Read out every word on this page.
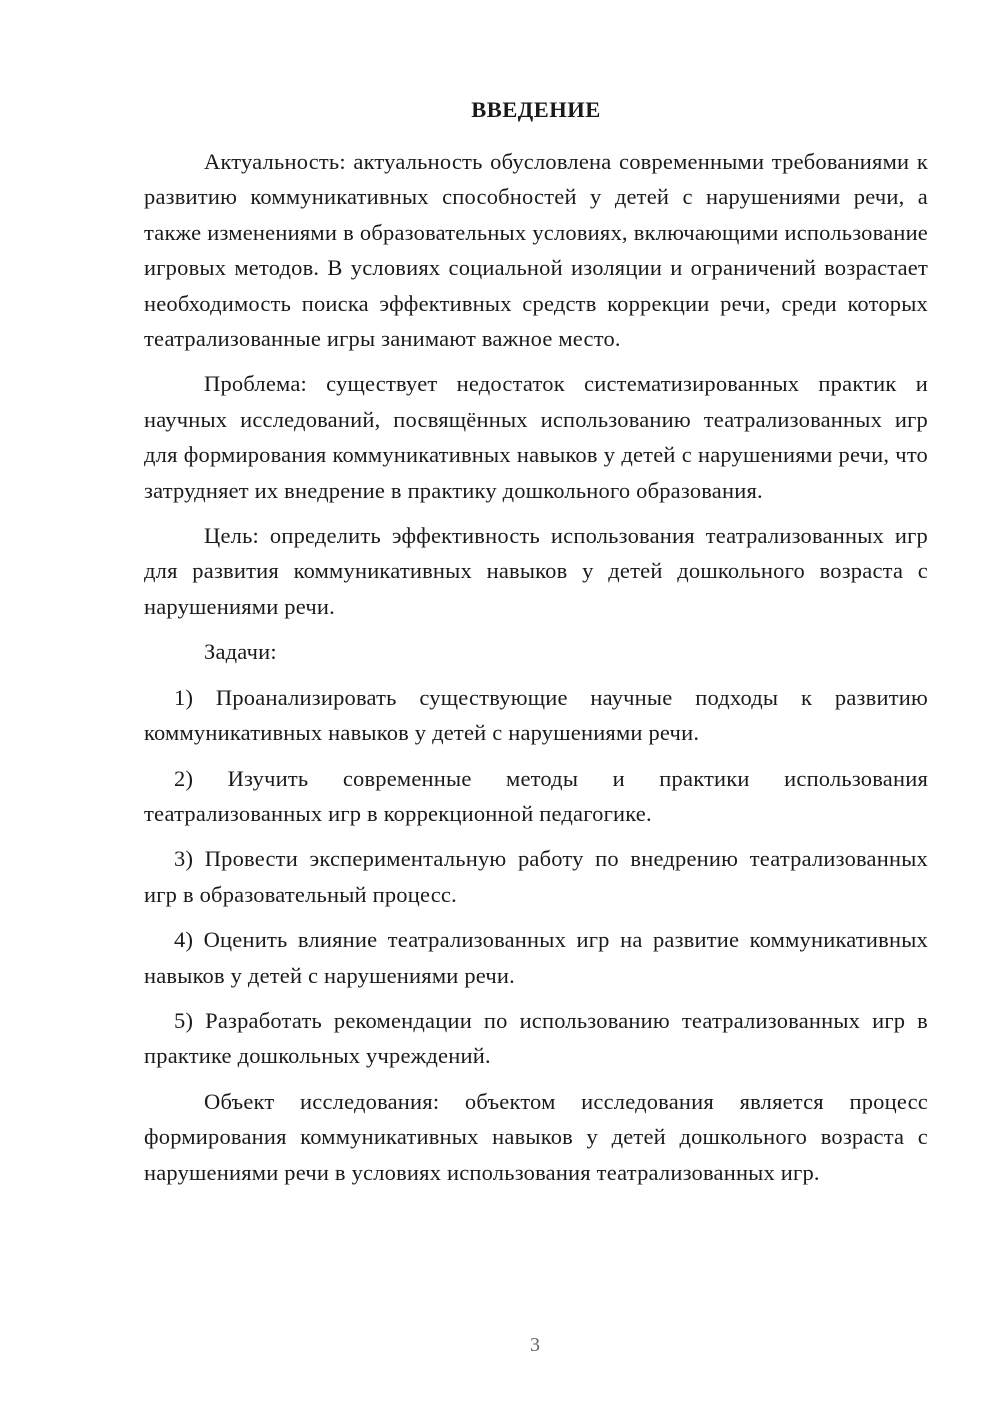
ВВЕДЕНИЕ

Актуальность: актуальность обусловлена современными требованиями к развитию коммуникативных способностей у детей с нарушениями речи, а также изменениями в образовательных условиях, включающими использование игровых методов. В условиях социальной изоляции и ограничений возрастает необходимость поиска эффективных средств коррекции речи, среди которых театрализованные игры занимают важное место.

Проблема: существует недостаток систематизированных практик и научных исследований, посвящённых использованию театрализованных игр для формирования коммуникативных навыков у детей с нарушениями речи, что затрудняет их внедрение в практику дошкольного образования.

Цель: определить эффективность использования театрализованных игр для развития коммуникативных навыков у детей дошкольного возраста с нарушениями речи.

Задачи:

1) Проанализировать существующие научные подходы к развитию коммуникативных навыков у детей с нарушениями речи.

2) Изучить современные методы и практики использования театрализованных игр в коррекционной педагогике.

3) Провести экспериментальную работу по внедрению театрализованных игр в образовательный процесс.

4) Оценить влияние театрализованных игр на развитие коммуникативных навыков у детей с нарушениями речи.

5) Разработать рекомендации по использованию театрализованных игр в практике дошкольных учреждений.

Объект исследования: объектом исследования является процесс формирования коммуникативных навыков у детей дошкольного возраста с нарушениями речи в условиях использования театрализованных игр.

3
